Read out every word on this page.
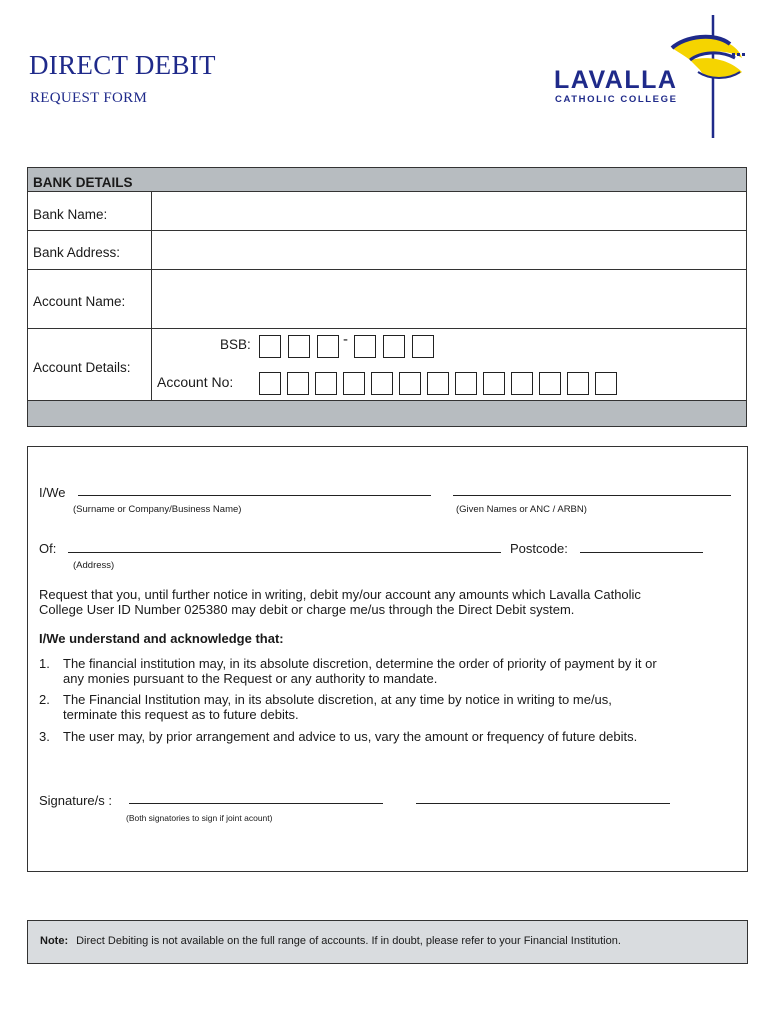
DIRECT DEBIT
REQUEST FORM
LAVALLA
CATHOLIC COLLEGE
BANK DETAILS
Bank Name:
Bank Address:
Account Name:
Account Details:
BSB:	-
Account No:
I/We
(Surname or Company/Business Name)	(Given Names or ANC / ARBN)
Of:	Postcode:
(Address)
Request that you, until further notice in writing, debit my/our account any amounts which Lavalla Catholic
College User ID Number 025380 may debit or charge me/us through the Direct Debit system.
I/We understand and acknowledge that:
1. The financial institution may, in its absolute discretion, determine the order of priority of payment by it or
any monies pursuant to the Request or any authority to mandate.
2. The Financial Institution may, in its absolute discretion, at any time by notice in writing to me/us,
terminate this request as to future debits.
3. The user may, by prior arrangement and advice to us, vary the amount or frequency of future debits.
Signature/s :
(Both signatories to sign if joint acount)
Note: Direct Debiting is not available on the full range of accounts. If in doubt, please refer to your Financial Institution.
